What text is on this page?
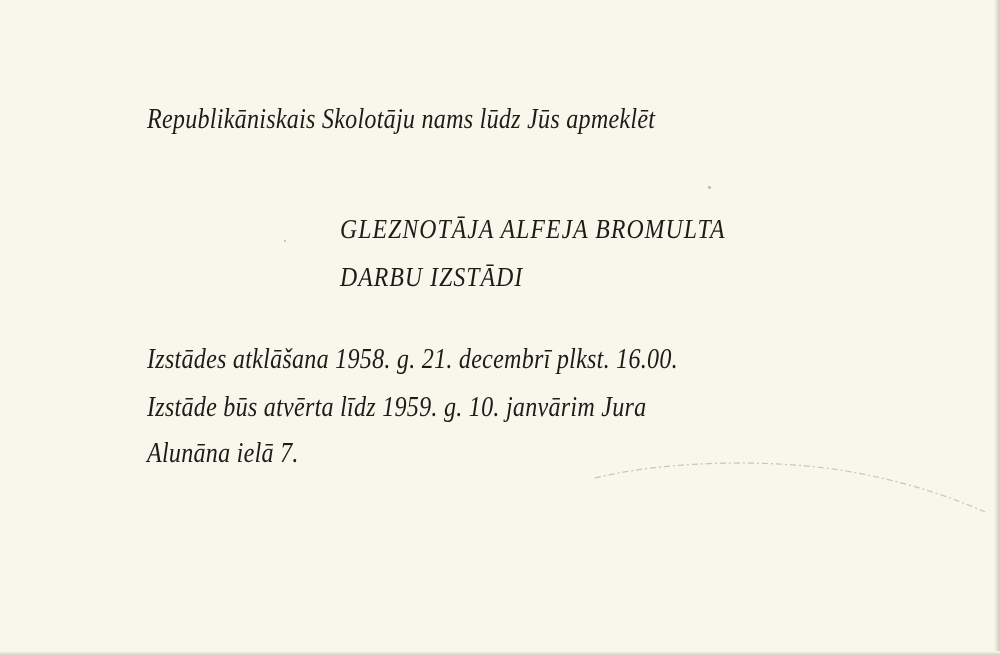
Republikāniskais Skolotāju nams lūdz Jūs apmeklēt
GLEZNOTĀJA ALFEJA BROMULTA
DARBU IZSTĀDI
Izstādes atklāšana 1958. g. 21. decembrī plkst. 16.00.
Izstāde būs atvērta līdz 1959. g. 10. janvārim Jura
Alunāna ielā 7.
